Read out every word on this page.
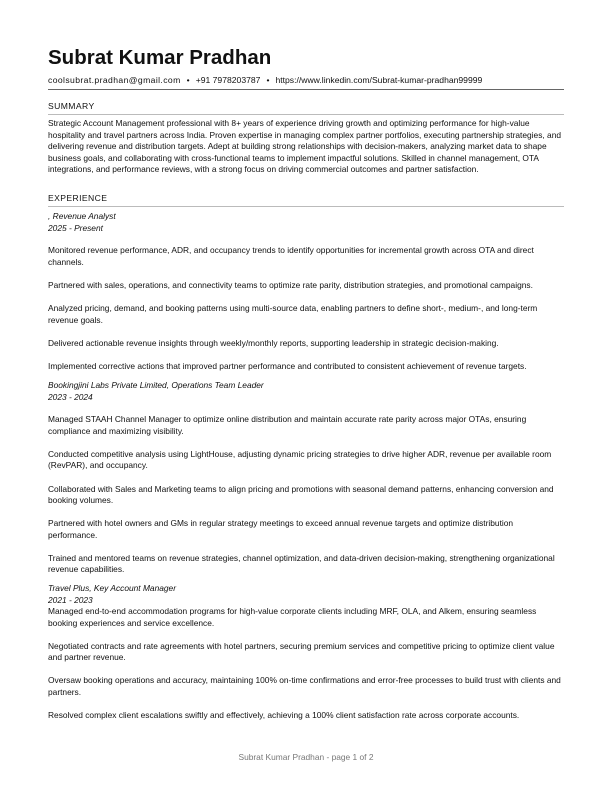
Subrat Kumar Pradhan
coolsubrat.pradhan@gmail.com • +91 7978203787 • https://www.linkedin.com/Subrat-kumar-pradhan99999
SUMMARY
Strategic Account Management professional with 8+ years of experience driving growth and optimizing performance for high-value hospitality and travel partners across India. Proven expertise in managing complex partner portfolios, executing partnership strategies, and delivering revenue and distribution targets. Adept at building strong relationships with decision-makers, analyzing market data to shape business goals, and collaborating with cross-functional teams to implement impactful solutions. Skilled in channel management, OTA integrations, and performance reviews, with a strong focus on driving commercial outcomes and partner satisfaction.
EXPERIENCE
, Revenue Analyst
2025 - Present

Monitored revenue performance, ADR, and occupancy trends to identify opportunities for incremental growth across OTA and direct channels.

Partnered with sales, operations, and connectivity teams to optimize rate parity, distribution strategies, and promotional campaigns.

Analyzed pricing, demand, and booking patterns using multi-source data, enabling partners to define short-, medium-, and long-term revenue goals.

Delivered actionable revenue insights through weekly/monthly reports, supporting leadership in strategic decision-making.

Implemented corrective actions that improved partner performance and contributed to consistent achievement of revenue targets.

Bookingjini Labs Private Limited, Operations Team Leader
2023 - 2024

Managed STAAH Channel Manager to optimize online distribution and maintain accurate rate parity across major OTAs, ensuring compliance and maximizing visibility.

Conducted competitive analysis using LightHouse, adjusting dynamic pricing strategies to drive higher ADR, revenue per available room (RevPAR), and occupancy.

Collaborated with Sales and Marketing teams to align pricing and promotions with seasonal demand patterns, enhancing conversion and booking volumes.

Partnered with hotel owners and GMs in regular strategy meetings to exceed annual revenue targets and optimize distribution performance.

Trained and mentored teams on revenue strategies, channel optimization, and data-driven decision-making, strengthening organizational revenue capabilities.

Travel Plus, Key Account Manager
2021 - 2023

Managed end-to-end accommodation programs for high-value corporate clients including MRF, OLA, and Alkem, ensuring seamless booking experiences and service excellence.

Negotiated contracts and rate agreements with hotel partners, securing premium services and competitive pricing to optimize client value and partner revenue.

Oversaw booking operations and accuracy, maintaining 100% on-time confirmations and error-free processes to build trust with clients and partners.

Resolved complex client escalations swiftly and effectively, achieving a 100% client satisfaction rate across corporate accounts.

Subrat Kumar Pradhan - page 1 of 2
